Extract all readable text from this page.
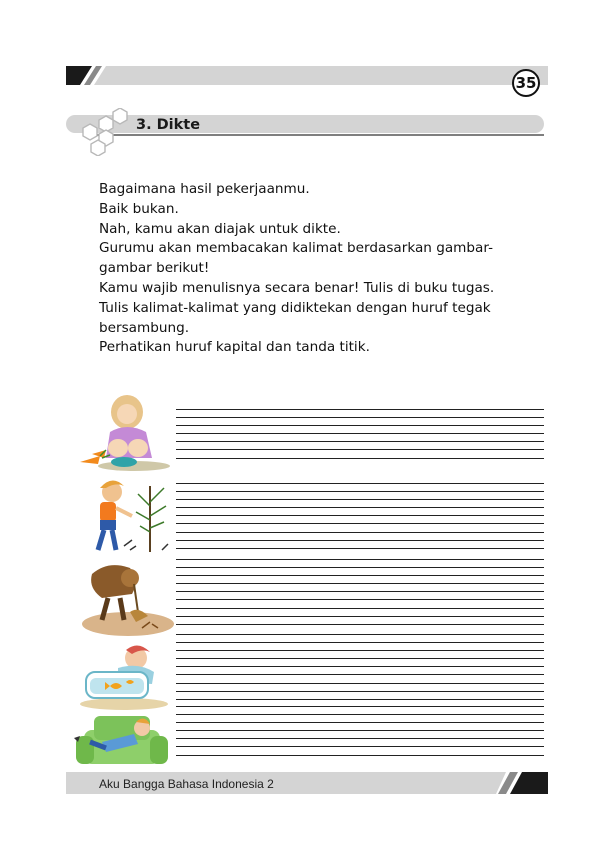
35
3. Dikte

Bagaimana hasil pekerjaanmu.

Baik bukan.

Nah, kamu akan diajak untuk dikte.

Gurumu akan membacakan kalimat berdasarkan gambar-

gambar berikut!

Kamu wajib menulisnya secara benar! Tulis di buku tugas.

Tulis kalimat-kalimat yang didiktekan dengan huruf tegak

bersambung.

Perhatikan huruf kapital dan tanda titik.

Aku Bangga Bahasa Indonesia 2
